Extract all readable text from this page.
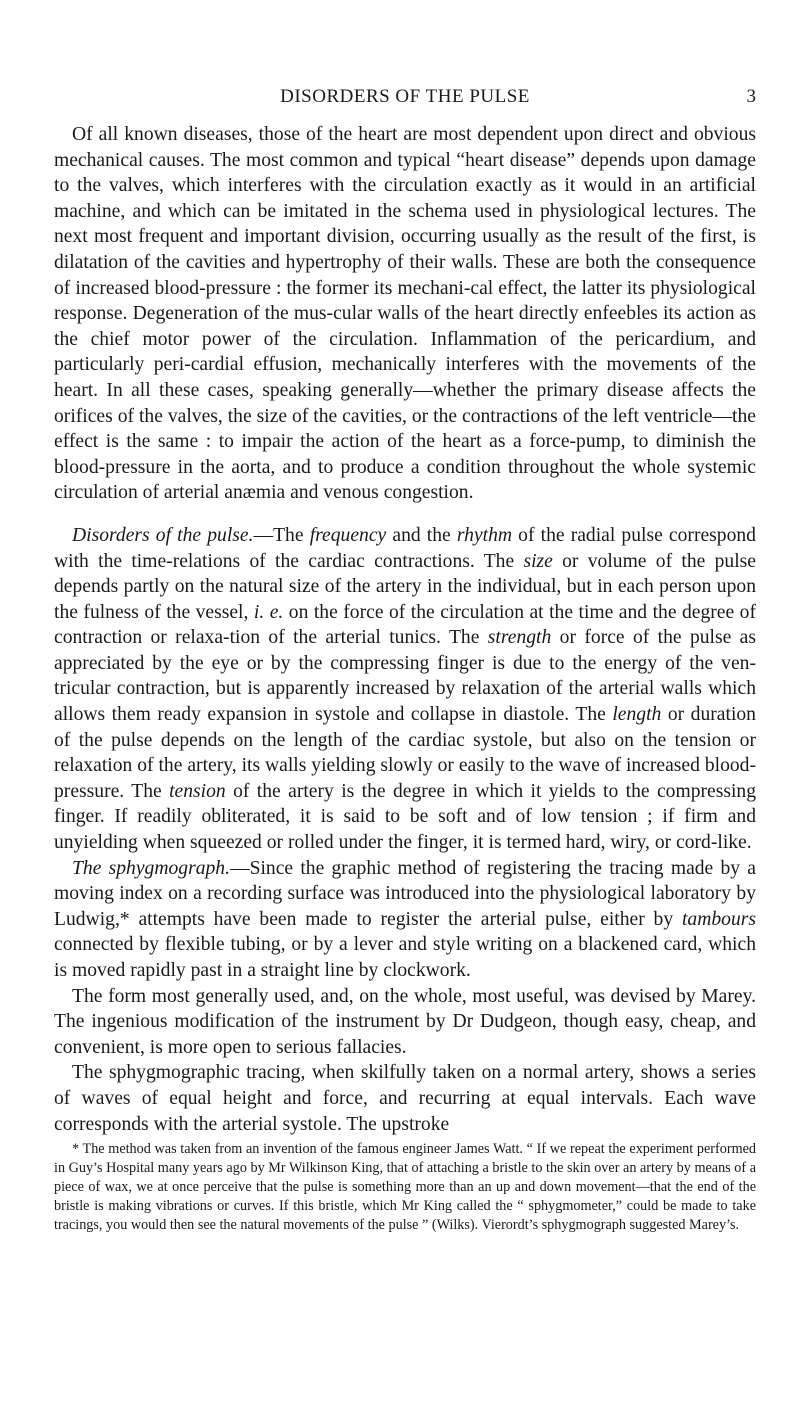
DISORDERS OF THE PULSE	3

Of all known diseases, those of the heart are most dependent upon direct and obvious mechanical causes. The most common and typical “heart disease” depends upon damage to the valves, which interferes with the circulation exactly as it would in an artificial machine, and which can be imitated in the schema used in physiological lectures. The next most frequent and important division, occurring usually as the result of the first, is dilatation of the cavities and hypertrophy of their walls. These are both the consequence of increased blood-pressure : the former its mechani-cal effect, the latter its physiological response. Degeneration of the mus-cular walls of the heart directly enfeebles its action as the chief motor power of the circulation. Inflammation of the pericardium, and particularly peri-cardial effusion, mechanically interferes with the movements of the heart. In all these cases, speaking generally—whether the primary disease affects the orifices of the valves, the size of the cavities, or the contractions of the left ventricle—the effect is the same : to impair the action of the heart as a force-pump, to diminish the blood-pressure in the aorta, and to produce a condition throughout the whole systemic circulation of arterial anæmia and venous congestion.

Disorders of the pulse.—The frequency and the rhythm of the radial pulse correspond with the time-relations of the cardiac contractions. The size or volume of the pulse depends partly on the natural size of the artery in the individual, but in each person upon the fulness of the vessel, i. e. on the force of the circulation at the time and the degree of contraction or relaxa-tion of the arterial tunics. The strength or force of the pulse as appreciated by the eye or by the compressing finger is due to the energy of the ven-tricular contraction, but is apparently increased by relaxation of the arterial walls which allows them ready expansion in systole and collapse in diastole. The length or duration of the pulse depends on the length of the cardiac systole, but also on the tension or relaxation of the artery, its walls yielding slowly or easily to the wave of increased blood-pressure. The tension of the artery is the degree in which it yields to the compressing finger. If readily obliterated, it is said to be soft and of low tension ; if firm and unyielding when squeezed or rolled under the finger, it is termed hard, wiry, or cord-like.

The sphygmograph.—Since the graphic method of registering the tracing made by a moving index on a recording surface was introduced into the physiological laboratory by Ludwig,* attempts have been made to register the arterial pulse, either by tambours connected by flexible tubing, or by a lever and style writing on a blackened card, which is moved rapidly past in a straight line by clockwork.

The form most generally used, and, on the whole, most useful, was devised by Marey. The ingenious modification of the instrument by Dr Dudgeon, though easy, cheap, and convenient, is more open to serious fallacies.

The sphygmographic tracing, when skilfully taken on a normal artery, shows a series of waves of equal height and force, and recurring at equal intervals. Each wave corresponds with the arterial systole. The upstroke

* The method was taken from an invention of the famous engineer James Watt. “ If we repeat the experiment performed in Guy’s Hospital many years ago by Mr Wilkinson King, that of attaching a bristle to the skin over an artery by means of a piece of wax, we at once perceive that the pulse is something more than an up and down movement—that the end of the bristle is making vibrations or curves. If this bristle, which Mr King called the “ sphygmometer,” could be made to take tracings, you would then see the natural movements of the pulse ” (Wilks). Vierordt’s sphygmograph suggested Marey’s.
